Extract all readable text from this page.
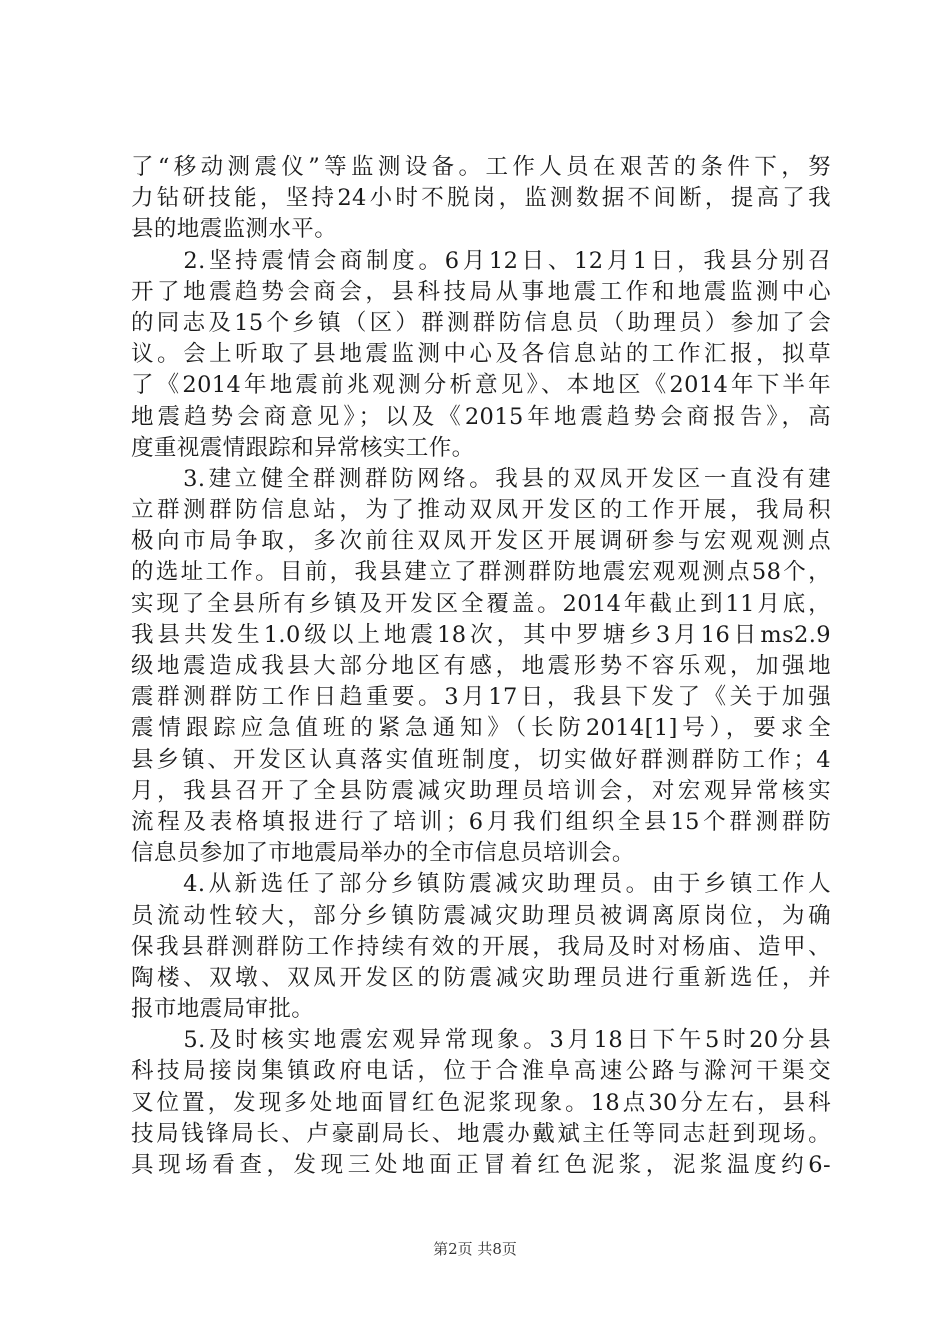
了“移动测震仪”等监测设备。工作人员在艰苦的条件下，努
力钻研技能，坚持24小时不脱岗，监测数据不间断，提高了我
县的地震监测水平。
　　2.坚持震情会商制度。6月12日、12月1日，我县分别召
开了地震趋势会商会，县科技局从事地震工作和地震监测中心
的同志及15个乡镇（区）群测群防信息员（助理员）参加了会
议。会上听取了县地震监测中心及各信息站的工作汇报，拟草
了《2014年地震前兆观测分析意见》、本地区《2014年下半年
地震趋势会商意见》；以及《2015年地震趋势会商报告》，高
度重视震情跟踪和异常核实工作。
　　3.建立健全群测群防网络。我县的双凤开发区一直没有建
立群测群防信息站，为了推动双凤开发区的工作开展，我局积
极向市局争取，多次前往双凤开发区开展调研参与宏观观测点
的选址工作。目前，我县建立了群测群防地震宏观观测点58个，
实现了全县所有乡镇及开发区全覆盖。2014年截止到11月底，
我县共发生1.0级以上地震18次，其中罗塘乡3月16日ms2.9
级地震造成我县大部分地区有感，地震形势不容乐观，加强地
震群测群防工作日趋重要。3月17日，我县下发了《关于加强
震情跟踪应急值班的紧急通知》（长防2014[1]号），要求全
县乡镇、开发区认真落实值班制度，切实做好群测群防工作；4
月，我县召开了全县防震减灾助理员培训会，对宏观异常核实
流程及表格填报进行了培训；6月我们组织全县15个群测群防
信息员参加了市地震局举办的全市信息员培训会。
　　4.从新选任了部分乡镇防震减灾助理员。由于乡镇工作人
员流动性较大，部分乡镇防震减灾助理员被调离原岗位，为确
保我县群测群防工作持续有效的开展，我局及时对杨庙、造甲、
陶楼、双墩、双凤开发区的防震减灾助理员进行重新选任，并
报市地震局审批。
　　5.及时核实地震宏观异常现象。3月18日下午5时20分县
科技局接岗集镇政府电话，位于合淮阜高速公路与滁河干渠交
叉位置，发现多处地面冒红色泥浆现象。18点30分左右，县科
技局钱锋局长、卢豪副局长、地震办戴斌主任等同志赶到现场。
具现场看查，发现三处地面正冒着红色泥浆，泥浆温度约6-
第2页 共8页
